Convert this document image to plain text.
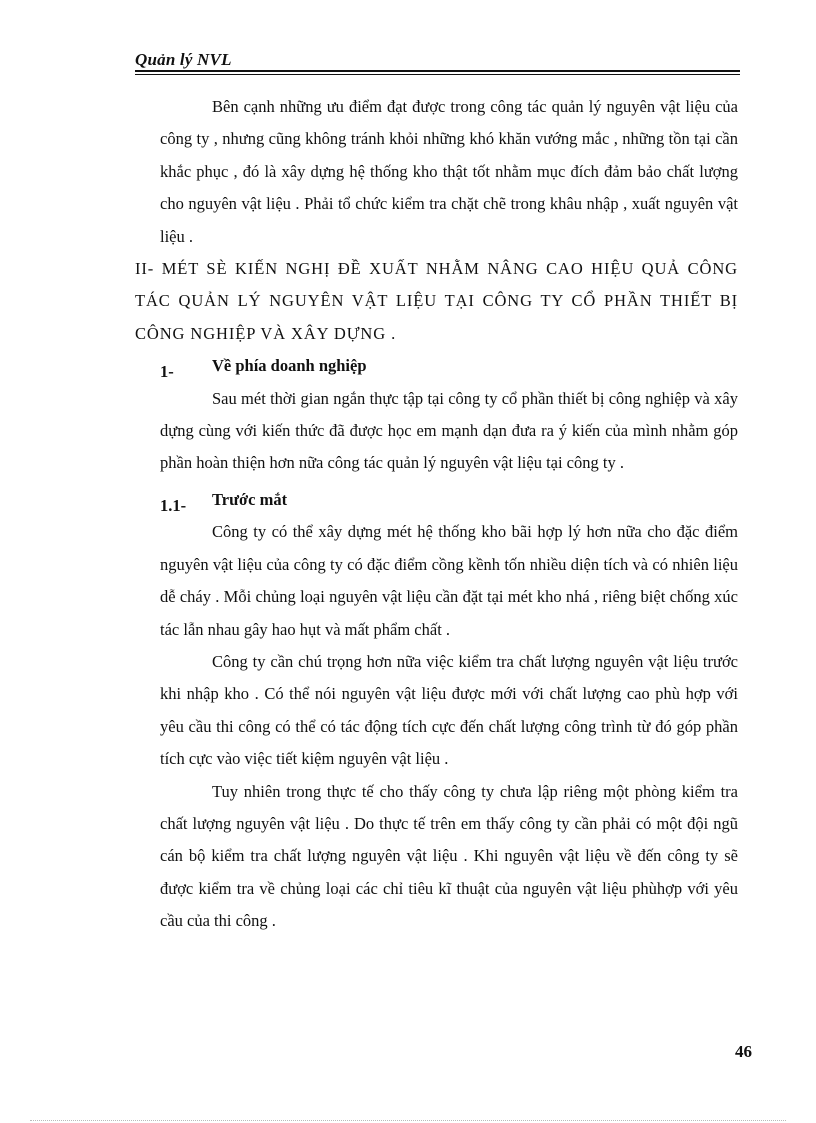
Quản lý NVL

Bên cạnh những ưu điểm đạt được trong công tác quản lý nguyên vật liệu của công ty , nhưng cũng không tránh khỏi những khó khăn vướng mắc , những tồn tại cần khắc phục , đó là xây dựng hệ thống kho thật tốt nhằm mục đích đảm bảo chất lượng cho nguyên vật liệu . Phải tổ chức kiểm tra chặt chẽ trong khâu nhập , xuất nguyên vật liệu .

II- MÉT SÈ KIẾN NGHỊ ĐỀ XUẤT NHẰM NÂNG CAO HIỆU QUẢ CÔNG TÁC QUẢN LÝ NGUYÊN VẬT LIỆU TẠI CÔNG TY CỔ PHẦN THIẾT BỊ CÔNG NGHIỆP VÀ XÂY DỰNG .

1-	Về phía doanh nghiệp

Sau mét thời gian ngắn thực tập tại công ty cổ phần thiết bị công nghiệp và xây dựng cùng với kiến thức đã được học em mạnh dạn đưa ra ý kiến của mình nhằm góp phần hoàn thiện hơn nữa công tác quản lý nguyên vật liệu tại công ty .

1.1-	Trước mắt

Công ty có thể xây dựng mét hệ thống kho bãi hợp lý hơn nữa cho đặc điểm nguyên vật liệu của công ty có đặc điểm cồng kềnh tốn nhiều diện tích và có nhiên liệu dễ cháy . Mỗi chủng loại nguyên vật liệu cần đặt tại mét kho nhá , riêng biệt chống xúc tác lẫn nhau gây hao hụt và mất phẩm chất .

Công ty cần chú trọng hơn nữa việc kiểm tra chất lượng nguyên vật liệu trước khi nhập kho . Có thể nói nguyên vật liệu được mới với chất lượng cao phù hợp với yêu cầu thi công có thể có tác động tích cực đến chất lượng công trình từ đó góp phần tích cực vào việc tiết kiệm nguyên vật liệu .

Tuy nhiên trong thực tế cho thấy công ty chưa lập riêng một phòng kiểm tra chất lượng nguyên vật liệu . Do thực tế trên em thấy công ty cần phải có một đội ngũ cán bộ kiểm tra chất lượng nguyên vật liệu . Khi nguyên vật liệu về đến công ty sẽ được kiểm tra về chủng loại các chỉ tiêu kĩ thuật của nguyên vật liệu phùhợp với yêu cầu của thi công .

46
